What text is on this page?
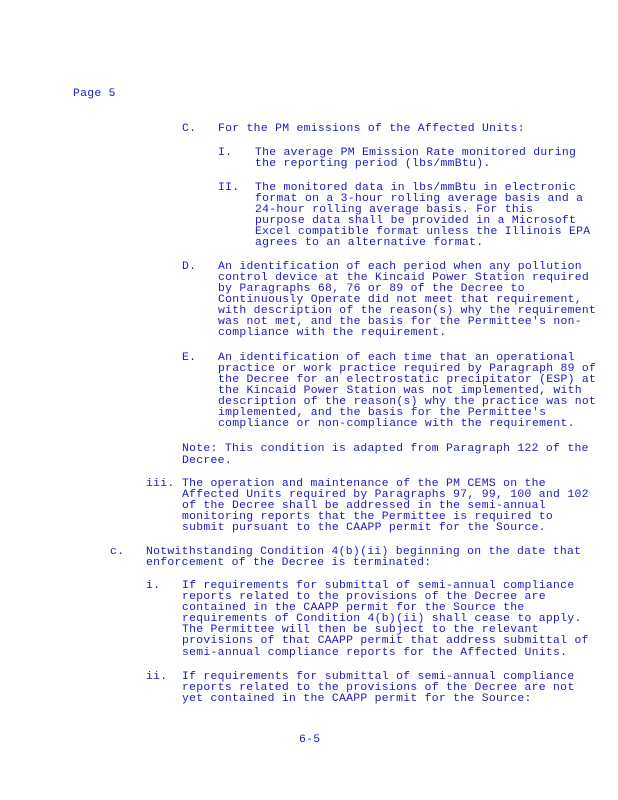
Page 5
C. For the PM emissions of the Affected Units:
I. The average PM Emission Rate monitored during
the reporting period (lbs/mmBtu).
II. The monitored data in lbs/mmBtu in electronic
format on a 3-hour rolling average basis and a
24-hour rolling average basis. For this
purpose data shall be provided in a Microsoft
Excel compatible format unless the Illinois EPA
agrees to an alternative format.
D. An identification of each period when any pollution
control device at the Kincaid Power Station required
by Paragraphs 68, 76 or 89 of the Decree to
Continuously Operate did not meet that requirement,
with description of the reason(s) why the requirement
was not met, and the basis for the Permittee's non-
compliance with the requirement.
E. An identification of each time that an operational
practice or work practice required by Paragraph 89 of
the Decree for an electrostatic precipitator (ESP) at
the Kincaid Power Station was not implemented, with
description of the reason(s) why the practice was not
implemented, and the basis for the Permittee's
compliance or non-compliance with the requirement.
Note: This condition is adapted from Paragraph 122 of the
Decree.
iii. The operation and maintenance of the PM CEMS on the
Affected Units required by Paragraphs 97, 99, 100 and 102
of the Decree shall be addressed in the semi-annual
monitoring reports that the Permittee is required to
submit pursuant to the CAAPP permit for the Source.
c. Notwithstanding Condition 4(b)(ii) beginning on the date that
enforcement of the Decree is terminated:
i. If requirements for submittal of semi-annual compliance
reports related to the provisions of the Decree are
contained in the CAAPP permit for the Source the
requirements of Condition 4(b)(ii) shall cease to apply.
The Permittee will then be subject to the relevant
provisions of that CAAPP permit that address submittal of
semi-annual compliance reports for the Affected Units.
ii. If requirements for submittal of semi-annual compliance
reports related to the provisions of the Decree are not
yet contained in the CAAPP permit for the Source:
6-5
